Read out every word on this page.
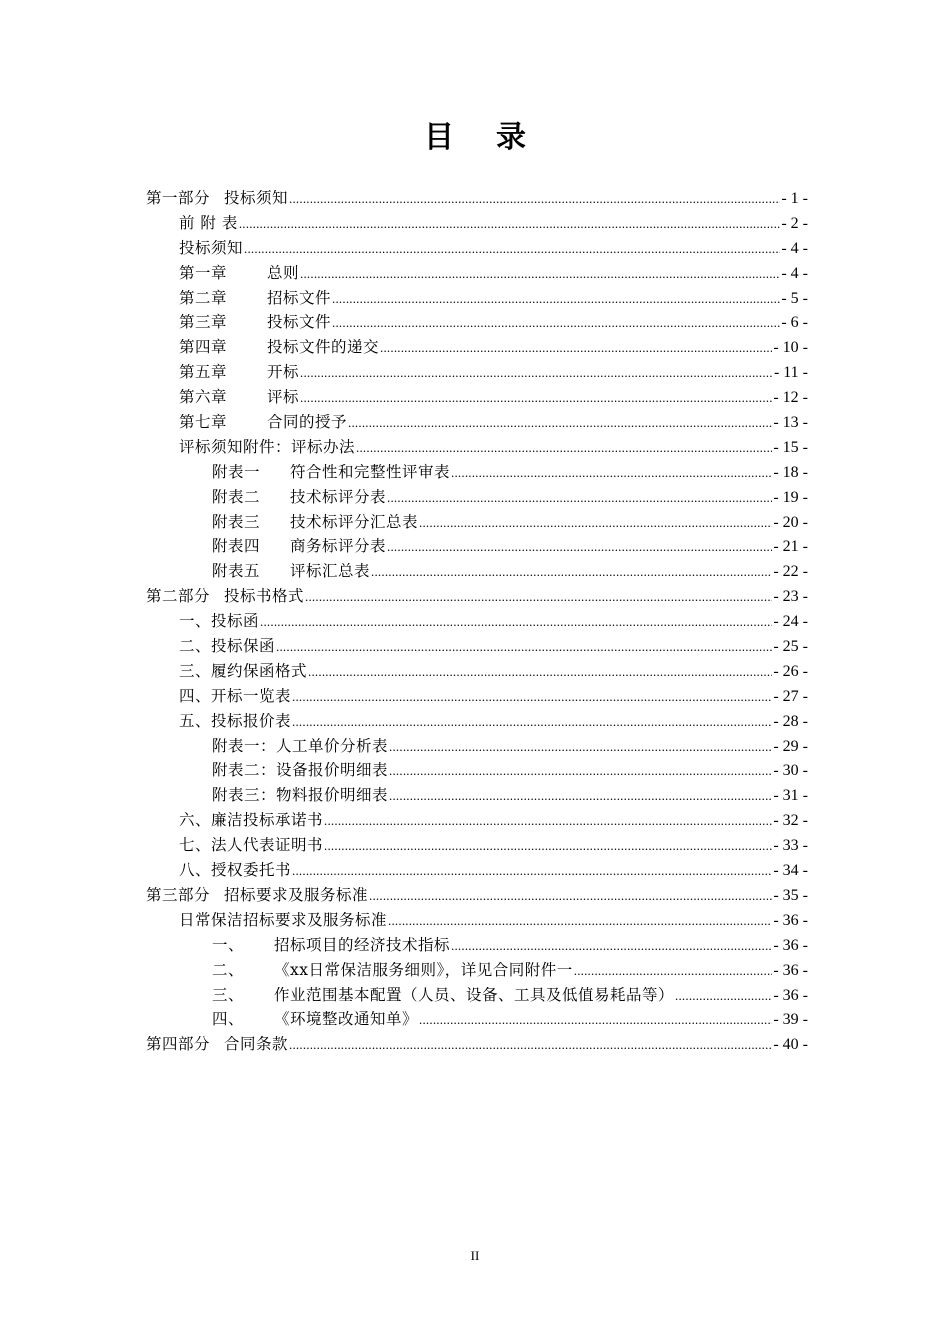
目录
第一部分 投标须知 .....	- 1 -
前 附 表 .....	- 2 -
投标须知 .....	- 4 -
第一章	总则 .....	- 4 -
第二章	招标文件 .....	- 5 -
第三章	投标文件 .....	- 6 -
第四章	投标文件的递交 .....	- 10 -
第五章	开标 .....	- 11 -
第六章	评标 .....	- 12 -
第七章	合同的授予 .....	- 13 -
评标须知附件：评标办法 .....	- 15 -
附表一 符合性和完整性评审表 .....	- 18 -
附表二 技术标评分表 .....	- 19 -
附表三 技术标评分汇总表 .....	- 20 -
附表四 商务标评分表 .....	- 21 -
附表五 评标汇总表 .....	- 22 -
第二部分 投标书格式 .....	- 23 -
一、投标函 .....	- 24 -
二、投标保函 .....	- 25 -
三、履约保函格式 .....	- 26 -
四、开标一览表 .....	- 27 -
五、投标报价表 .....	- 28 -
附表一：人工单价分析表 .....	- 29 -
附表二：设备报价明细表 .....	- 30 -
附表三：物料报价明细表 .....	- 31 -
六、廉洁投标承诺书 .....	- 32 -
七、法人代表证明书 .....	- 33 -
八、授权委托书 .....	- 34 -
第三部分 招标要求及服务标准 .....	- 35 -
日常保洁招标要求及服务标准 .....	- 36 -
一、 招标项目的经济技术指标 .....	- 36 -
二、 《xx日常保洁服务细则》，详见合同附件一 .....	- 36 -
三、 作业范围基本配置（人员、设备、工具及低值易耗品等） .....	- 36 -
四、 《环境整改通知单》 .....	- 39 -
第四部分 合同条款 .....	- 40 -
II
